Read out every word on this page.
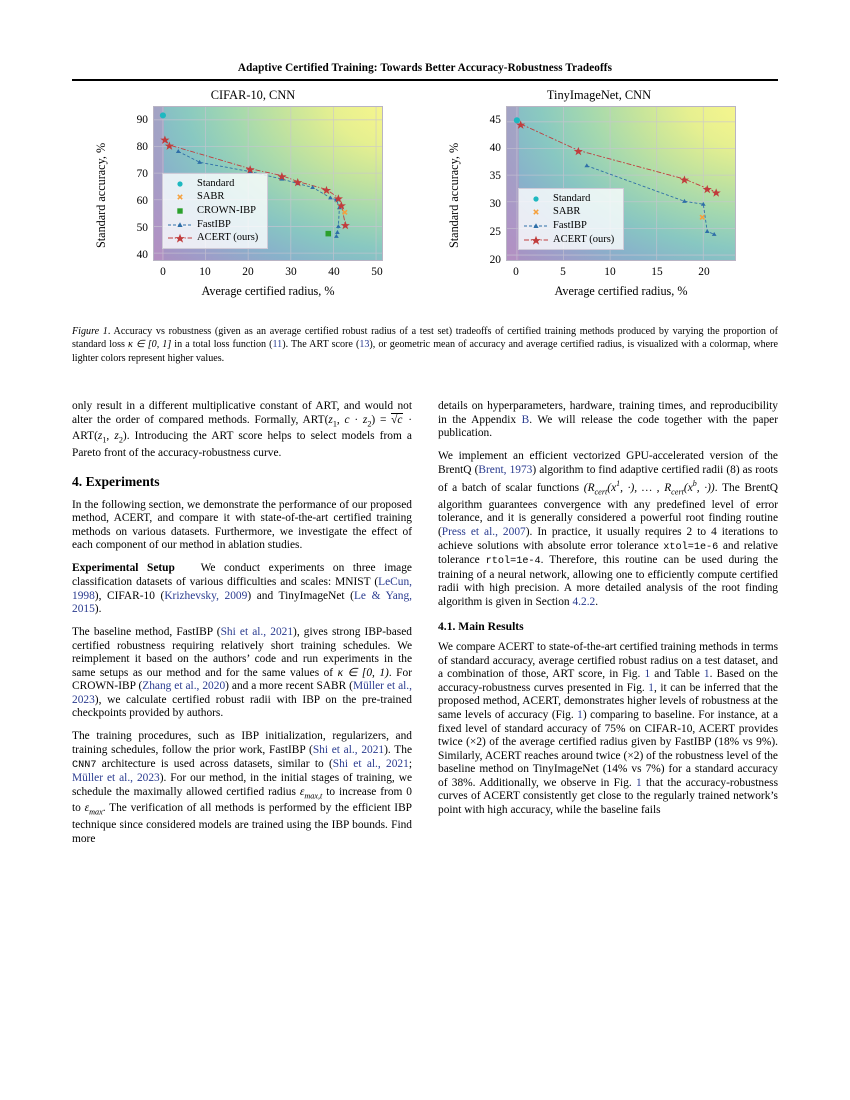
Adaptive Certified Training: Towards Better Accuracy-Robustness Tradeoffs
CIFAR-10, CNN
Standard accuracy, %
Average certified radius, %
40
50
60
70
80
90
0	10	20	30	40	50
Standard
SABR
CROWN-IBP
FastIBP
ACERT (ours)
TinyImageNet, CNN
Standard accuracy, %
Average certified radius, %
20
25
30
35
40
45
0	5	10	15	20
Standard
SABR
FastIBP
ACERT (ours)
Figure 1. Accuracy vs robustness (given as an average certified robust radius of a test set) tradeoffs of certified training methods produced by varying the proportion of standard loss κ ∈ [0, 1] in a total loss function (11). The ART score (13), or geometric mean of accuracy and average certified radius, is visualized with a colormap, where lighter colors represent higher values.

only result in a different multiplicative constant of ART, and would not alter the order of compared methods. Formally, $ART(z_1$, $c \cdot z_2) = √c \cdot ART(z_1$, $z_2$). Introducing the ART score helps to select models from a Pareto front of the accuracy-robustness curve.

4. Experiments

In the following section, we demonstrate the performance of our proposed method, ACERT, and compare it with state-of-the-art certified training methods on various datasets. Furthermore, we investigate the effect of each component of our method in ablation studies.

Experimental Setup We conduct experiments on three image classification datasets of various difficulties and scales: MNIST (LeCun, 1998), CIFAR-10 (Krizhevsky, 2009) and TinyImageNet (Le & Yang, 2015).

The baseline method, FastIBP (Shi et al., 2021), gives strong IBP-based certified robustness requiring relatively short training schedules. We reimplement it based on the authors’ code and run experiments in the same setups as our method and for the same values of κ ∈ [0, 1). For CROWN-IBP (Zhang et al., 2020) and a more recent SABR (Müller et al., 2023), we calculate certified robust radii with IBP on the pre-trained checkpoints provided by authors.

The training procedures, such as IBP initialization, regularizers, and training schedules, follow the prior work, FastIBP (Shi et al., 2021). The CNN7 architecture is used across datasets, similar to (Shi et al., 2021; Müller et al., 2023). For our method, in the initial stages of training, we schedule the maximally allowed certified radius $\varepsilon_{max,t}$ to increase from 0 to $\varepsilon_{max}$. The verification of all methods is performed by the efficient IBP technique since considered models are trained using the IBP bounds. Find more

details on hyperparameters, hardware, training times, and reproducibility in the Appendix B. We will release the code together with the paper publication.

We implement an efficient vectorized GPU-accelerated version of the BrentQ (Brent, 1973) algorithm to find adaptive certified radii (8) as roots of a batch of scalar functions ($R_{cert}(x^1$, ·), … , $R_{cert}(x^b$, ·)). The BrentQ algorithm guarantees convergence with any predefined level of error tolerance, and it is generally considered a powerful root finding routine (Press et al., 2007). In practice, it usually requires 2 to 4 iterations to achieve solutions with absolute error tolerance xtol=1e-6 and relative tolerance rtol=1e-4. Therefore, this routine can be used during the training of a neural network, allowing one to efficiently compute certified radii with high precision. A more detailed analysis of the root finding algorithm is given in Section 4.2.2.

4.1. Main Results

We compare ACERT to state-of-the-art certified training methods in terms of standard accuracy, average certified robust radius on a test dataset, and a combination of those, ART score, in Fig. 1 and Table 1. Based on the accuracy-robustness curves presented in Fig. 1, it can be inferred that the proposed method, ACERT, demonstrates higher levels of robustness at the same levels of accuracy (Fig. 1) comparing to baseline. For instance, at a fixed level of standard accuracy of 75% on CIFAR-10, ACERT provides twice (×2) of the average certified radius given by FastIBP (18% vs 9%). Similarly, ACERT reaches around twice (×2) of the robustness level of the baseline method on TinyImageNet (14% vs 7%) for a standard accuracy of 38%. Additionally, we observe in Fig. 1 that the accuracy-robustness curves of ACERT consistently get close to the regularly trained network’s point with high accuracy, while the baseline fails
